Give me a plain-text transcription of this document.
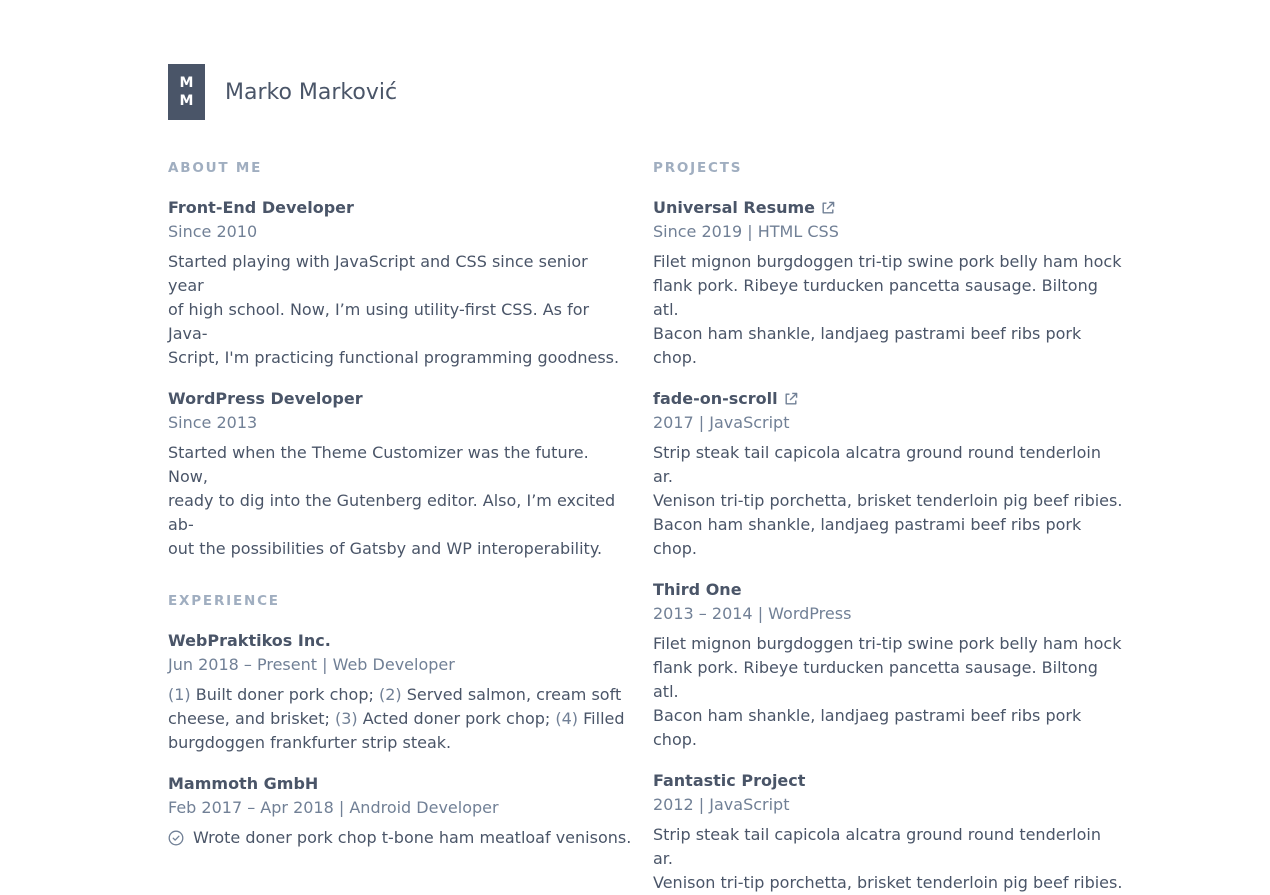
M
M Marko Marković
ABOUT ME
Front-End Developer
Since 2010
Started playing with JavaScript and CSS since senior year
of high school. Now, I’m using utility-first CSS. As for Java-
Script, I'm practicing functional programming goodness.
WordPress Developer
Since 2013
Started when the Theme Customizer was the future. Now,
ready to dig into the Gutenberg editor. Also, I’m excited ab-
out the possibilities of Gatsby and WP interoperability.
EXPERIENCE
WebPraktikos Inc.
Jun 2018 – Present | Web Developer
(1) Built doner pork chop; (2) Served salmon, cream soft
cheese, and brisket; (3) Acted doner pork chop; (4) Filled
burgdoggen frankfurter strip steak.
Mammoth GmbH
Feb 2017 – Apr 2018 | Android Developer
Wrote doner pork chop t-bone ham meatloaf venisons.
PROJECTS
Universal Resume
Since 2019 | HTML CSS
Filet mignon burgdoggen tri-tip swine pork belly ham hock
flank pork. Ribeye turducken pancetta sausage. Biltong atl.
Bacon ham shankle, landjaeg pastrami beef ribs pork chop.
fade-on-scroll
2017 | JavaScript
Strip steak tail capicola alcatra ground round tenderloin ar.
Venison tri-tip porchetta, brisket tenderloin pig beef ribies.
Bacon ham shankle, landjaeg pastrami beef ribs pork chop.
Third One
2013 – 2014 | WordPress
Filet mignon burgdoggen tri-tip swine pork belly ham hock
flank pork. Ribeye turducken pancetta sausage. Biltong atl.
Bacon ham shankle, landjaeg pastrami beef ribs pork chop.
Fantastic Project
2012 | JavaScript
Strip steak tail capicola alcatra ground round tenderloin ar.
Venison tri-tip porchetta, brisket tenderloin pig beef ribies.
